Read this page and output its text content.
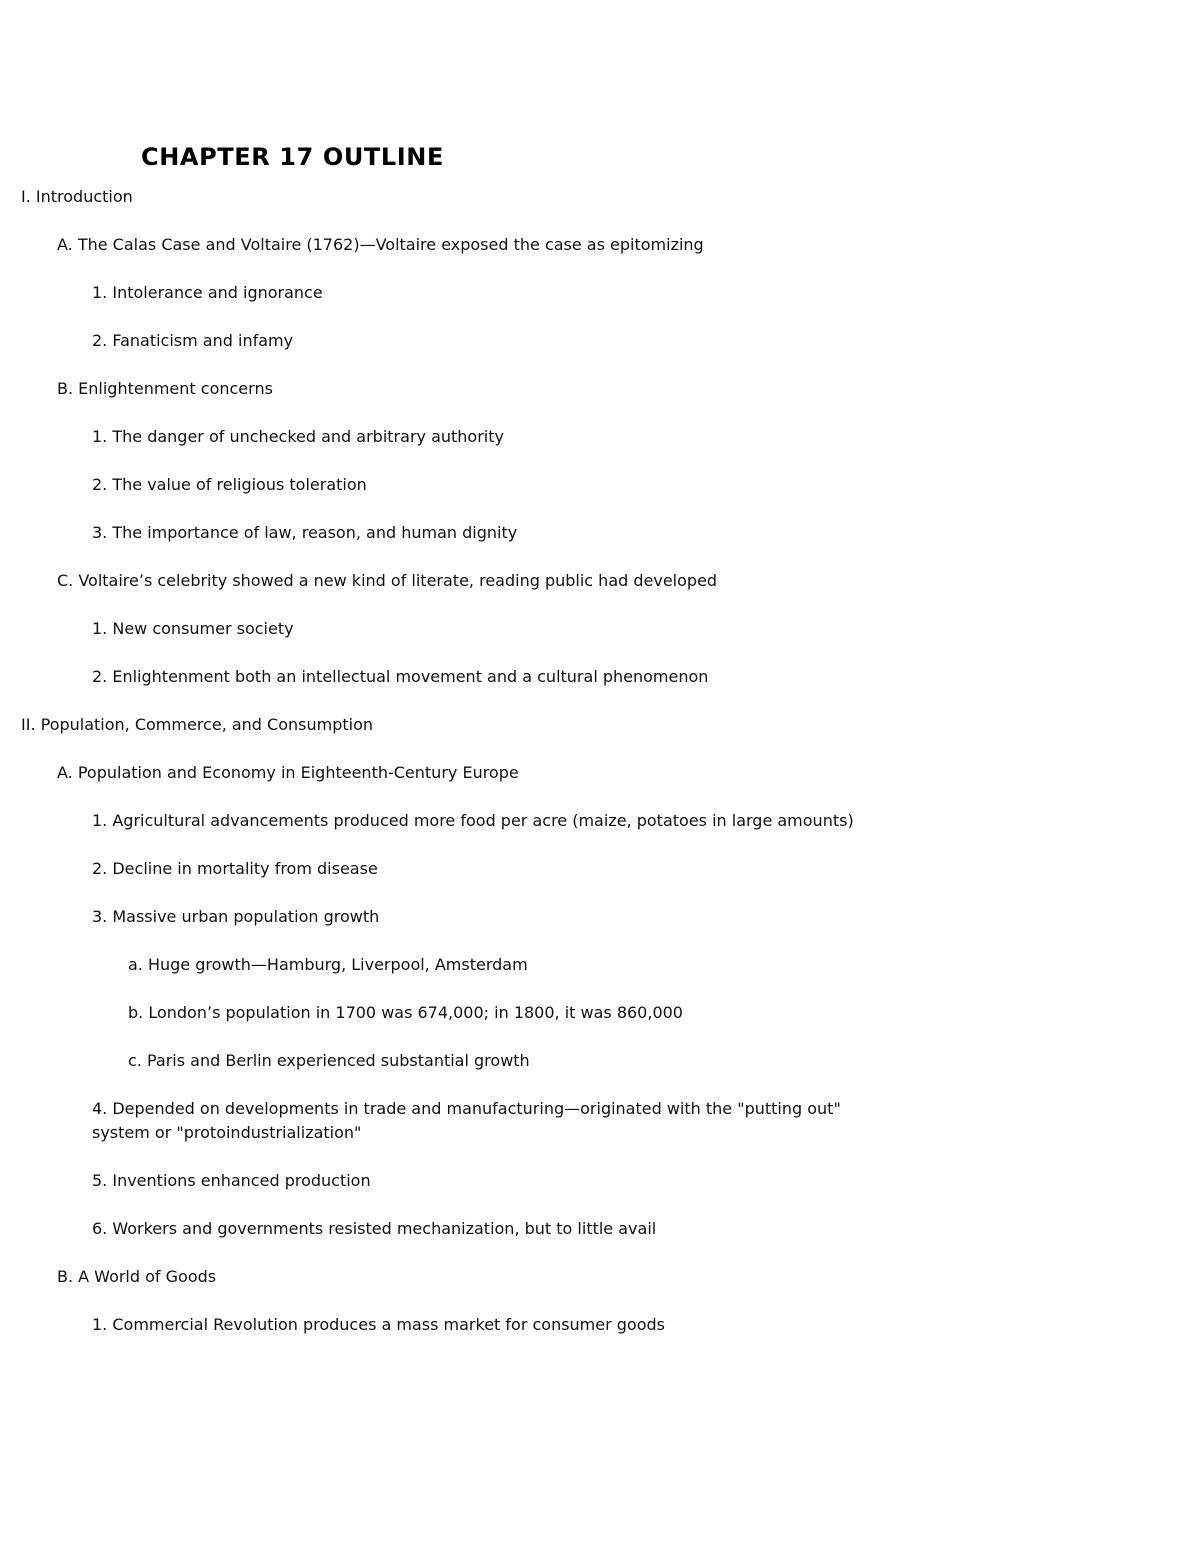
CHAPTER 17 OUTLINE

I. Introduction

A. The Calas Case and Voltaire (1762)—Voltaire exposed the case as epitomizing

1. Intolerance and ignorance

2. Fanaticism and infamy

B. Enlightenment concerns

1. The danger of unchecked and arbitrary authority

2. The value of religious toleration

3. The importance of law, reason, and human dignity

C. Voltaire’s celebrity showed a new kind of literate, reading public had developed

1. New consumer society

2. Enlightenment both an intellectual movement and a cultural phenomenon

II. Population, Commerce, and Consumption

A. Population and Economy in Eighteenth-Century Europe

1. Agricultural advancements produced more food per acre (maize, potatoes in large amounts)

2. Decline in mortality from disease

3. Massive urban population growth

a. Huge growth—Hamburg, Liverpool, Amsterdam

b. London’s population in 1700 was 674,000; in 1800, it was 860,000

c. Paris and Berlin experienced substantial growth

4. Depended on developments in trade and manufacturing—originated with the "putting out" system or "protoindustrialization"

5. Inventions enhanced production

6. Workers and governments resisted mechanization, but to little avail

B. A World of Goods

1. Commercial Revolution produces a mass market for consumer goods
